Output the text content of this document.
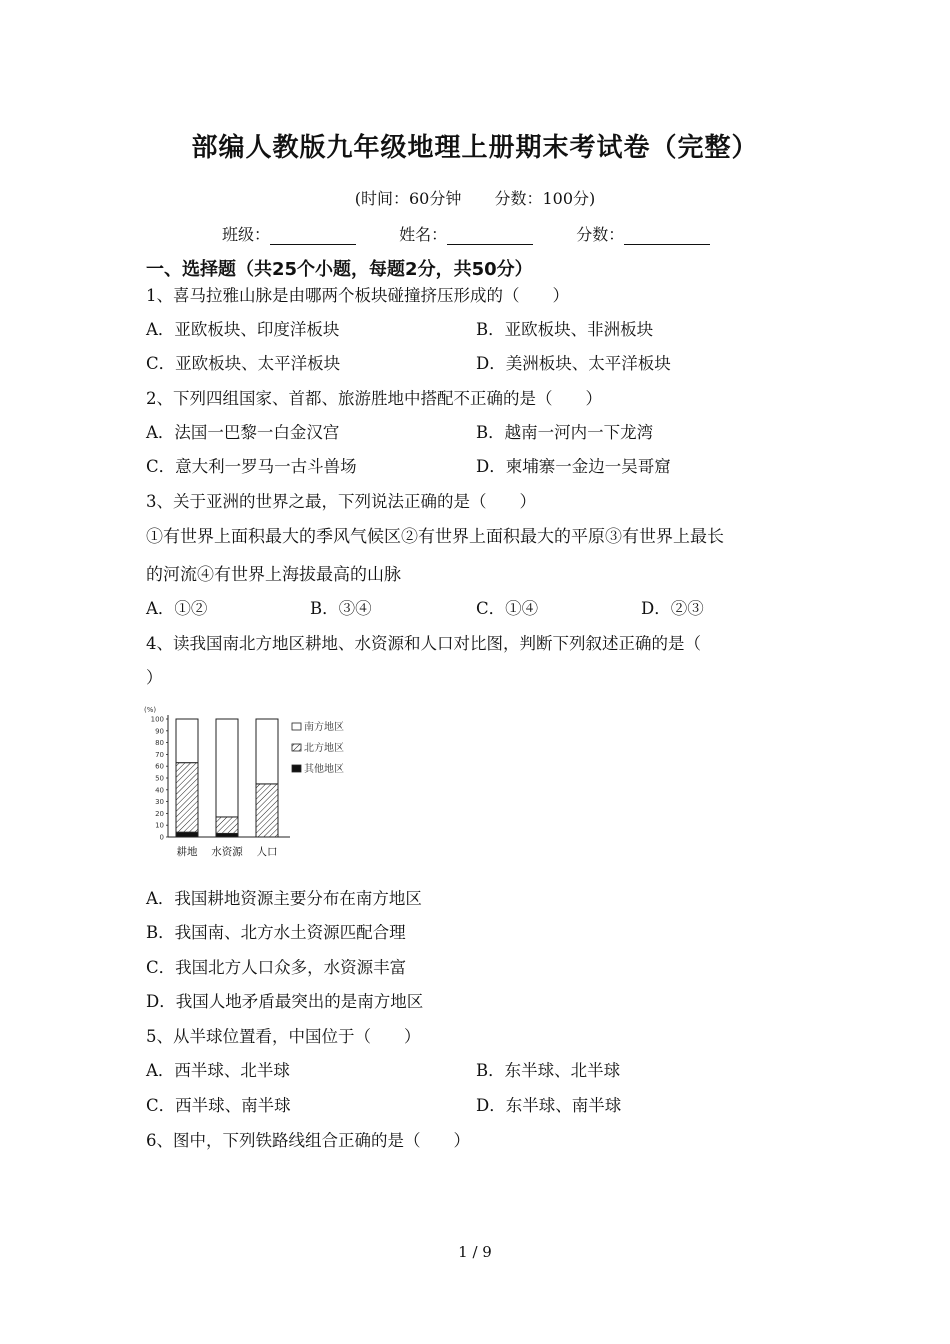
部编人教版九年级地理上册期末考试卷（完整）
(时间：60分钟 分数：100分)
班级：	姓名：	分数：
一、选择题（共25个小题，每题2分，共50分）
1、喜马拉雅山脉是由哪两个板块碰撞挤压形成的（　　）
A．亚欧板块、印度洋板块	B．亚欧板块、非洲板块
C．亚欧板块、太平洋板块	D．美洲板块、太平洋板块
2、下列四组国家、首都、旅游胜地中搭配不正确的是（　　）
A．法国一巴黎一白金汉宫	B．越南一河内一下龙湾
C．意大利一罗马一古斗兽场	D．柬埔寨一金边一吴哥窟
3、关于亚洲的世界之最，下列说法正确的是（　　）
①有世界上面积最大的季风气候区②有世界上面积最大的平原③有世界上最长
的河流④有世界上海拔最高的山脉
A．①②	B．③④	C．①④	D．②③
4、读我国南北方地区耕地、水资源和人口对比图，判断下列叙述正确的是（
）
(%)
0
10
20
30
40
50
60
70
80
90
100
耕地 水资源 人口
南方地区
北方地区
其他地区
A．我国耕地资源主要分布在南方地区
B．我国南、北方水土资源匹配合理
C．我国北方人口众多，水资源丰富
D．我国人地矛盾最突出的是南方地区
5、从半球位置看，中国位于（　　）
A．西半球、北半球	B．东半球、北半球
C．西半球、南半球	D．东半球、南半球
6、图中，下列铁路线组合正确的是（　　）
1 / 9
